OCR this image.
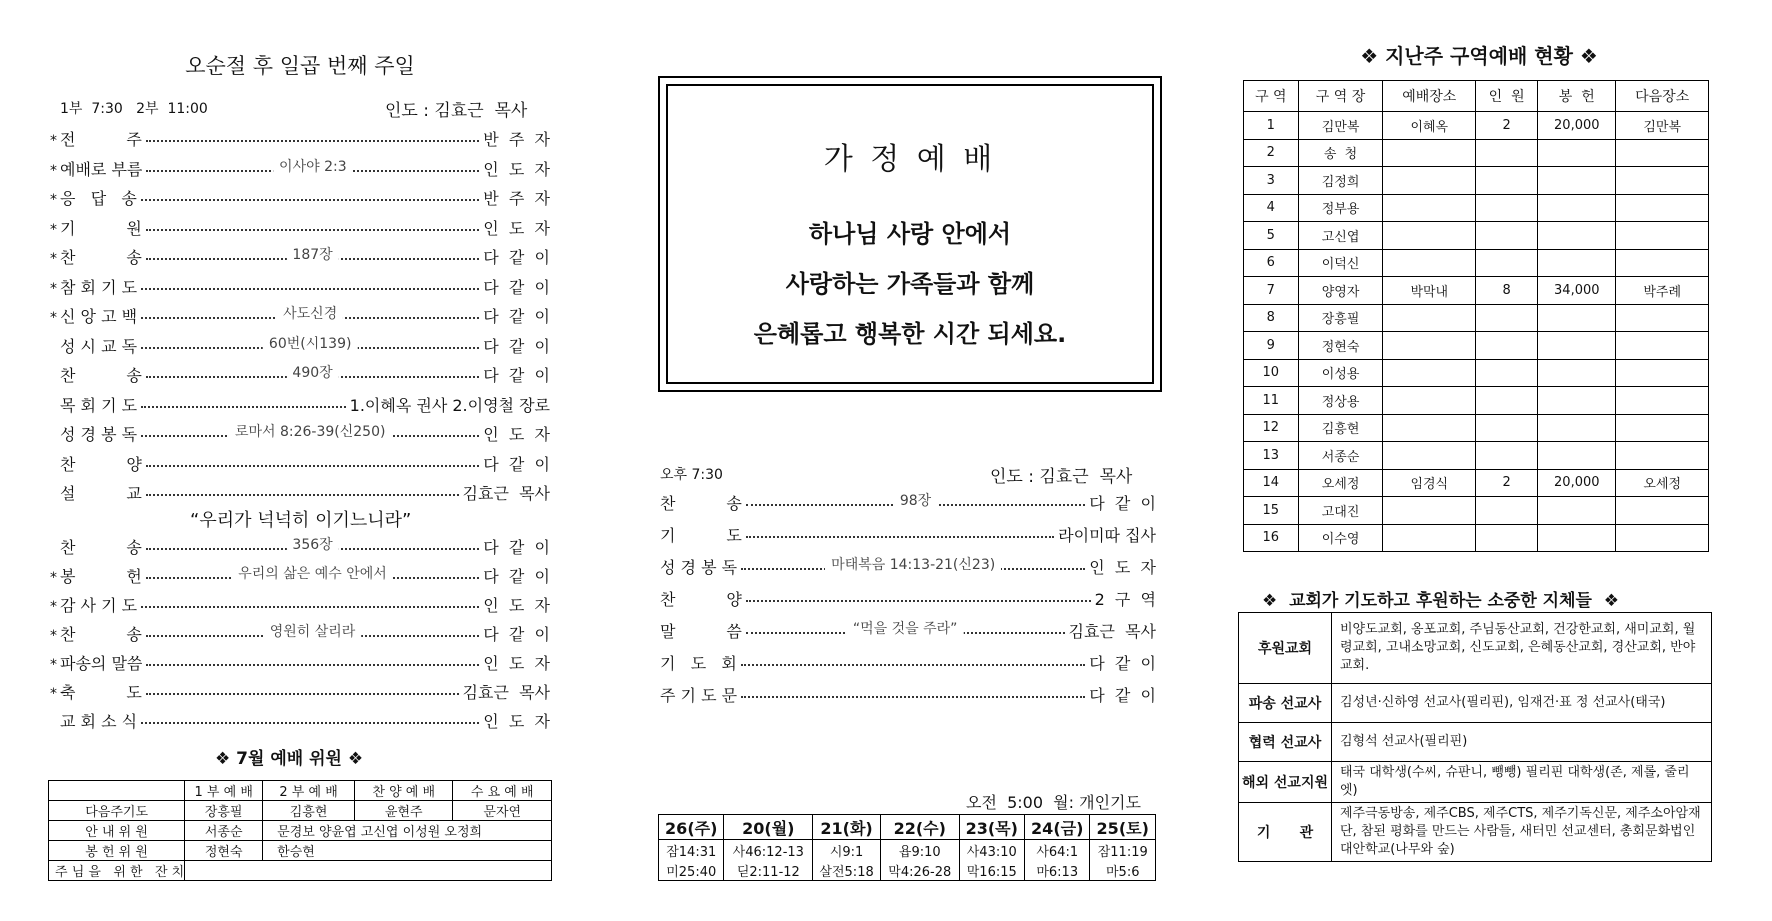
오순절 후 일곱 번째 주일
1부  7:30   2부  11:00	인도 : 김효근  목사
* 전          주	반  주  자
* 예배로 부름	이사야 2:3	인  도  자
* 응   답   송	반  주  자
* 기          원	인  도  자
* 찬          송	187장	다  같  이
* 참 회 기 도	다  같  이
* 신 앙 고 백	사도신경	다  같  이
성 시 교 독	60번(시139)	다  같  이
찬          송	490장	다  같  이
목 회 기 도	1.이혜옥 권사 2.이영철 장로
성 경 봉 독	로마서 8:26-39(신250)	인  도  자
찬          양	다  같  이
설          교	김효근  목사
“우리가 넉넉히 이기느니라”
찬          송	356장	다  같  이
* 봉          헌	우리의 삶은 예수 안에서	다  같  이
* 감 사 기 도	인  도  자
* 찬          송	영원히 살리라	다  같  이
* 파송의 말씀	인  도  자
* 축          도	김효근  목사
교 회 소 식	인  도  자
❖ 7월 예배 위원 ❖
	1 부 예 배	2 부 예 배	찬 양 예 배	수 요 예 배
다음주기도	장흥필	김흥현	윤현주	문자연
안 내 위 원	서종순	문경보 양윤엽 고신엽 이성원 오정희		
봉 헌 위 원	정현숙	한승현		
주 님 을   위 한   잔 치				
가 정 예 배
하나님 사랑 안에서
사랑하는 가족들과 함께
은혜롭고 행복한 시간 되세요.
오후 7:30	인도 : 김효근  목사
찬          송	98장	다  같  이
기          도	라이미따 집사
성 경 봉 독	마태복음 14:13-21(신23)	인  도  자
찬          양	2  구  역
말          씀	“먹을 것을 주라”	김효근  목사
기   도   회	다  같  이
주 기 도 문	다  같  이
오전  5:00  월: 개인기도
26(주)	20(월)	21(화)	22(수)	23(목)	24(금)	25(토)
잠14:31	사46:12-13	시9:1	욥9:10	사43:10	사64:1	잠11:19
미25:40	딛2:11-12	살전5:18	막4:26-28	막16:15	마6:13	마5:6
❖ 지난주 구역예배 현황 ❖
구 역	구 역 장	예배장소	인  원	봉  헌	다음장소
1	김만복	이혜옥	2	20,000	김만복
2	송  청				
3	김정희				
4	정부용				
5	고신엽				
6	이덕신				
7	양영자	박막내	8	34,000	박주례
8	장흥필				
9	정현숙				
10	이성용				
11	정상용				
12	김흥현				
13	서종순				
14	오세정	임경식	2	20,000	오세정
15	고대진				
16	이수영				
❖  교회가 기도하고 후원하는 소중한 지체들  ❖
후원교회	비양도교회, 옹포교회, 주님동산교회, 건강한교회, 새미교회, 월령교회, 고내소망교회, 신도교회, 은혜동산교회, 경산교회, 반야교회.
파송 선교사	김성년·신하영 선교사(필리핀), 임재건·표 정 선교사(태국)
협력 선교사	김형석 선교사(필리핀)
해외 선교지원	태국 대학생(수씨, 슈판니, 뺑뺑) 필리핀 대학생(존, 제롤, 줄리엣)
기      관	제주극동방송, 제주CBS, 제주CTS, 제주기독신문, 제주소아암재단, 참된 평화를 만드는 사람들, 새터민 선교센터, 총회문화법인 대안학교(나무와 숲)
